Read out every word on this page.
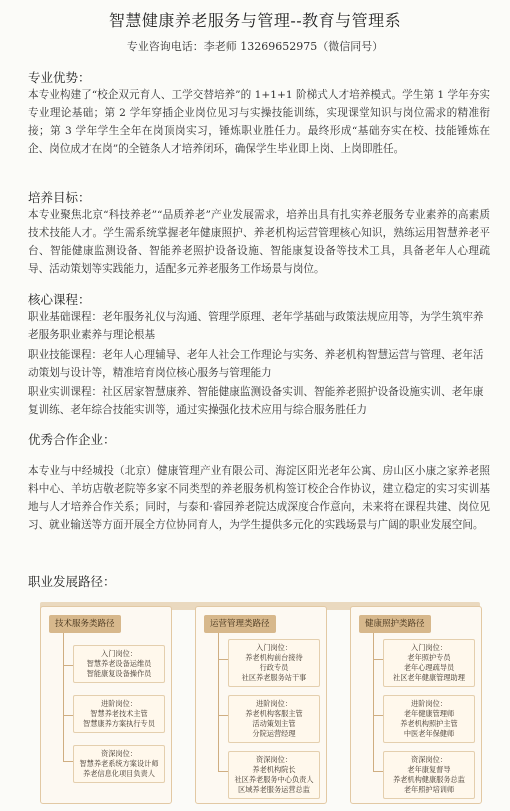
智慧健康养老服务与管理--教育与管理系
专业咨询电话：李老师 13269652975（微信同号）
专业优势：

本专业构建了“校企双元育人、工学交替培养”的 1+1+1 阶梯式人才培养模式。学生第 1 学年夯实专业理论基础；第 2 学年穿插企业岗位见习与实操技能训练，实现课堂知识与岗位需求的精准衔接；第 3 学年学生全年在岗顶岗实习，锤炼职业胜任力。最终形成“基础夯实在校、技能锤炼在企、岗位成才在岗”的全链条人才培养闭环，确保学生毕业即上岗、上岗即胜任。

培养目标：

本专业聚焦北京“科技养老”“品质养老”产业发展需求，培养出具有扎实养老服务专业素养的高素质技术技能人才。学生需系统掌握老年健康照护、养老机构运营管理核心知识，熟练运用智慧养老平台、智能健康监测设备、智能养老照护设备设施、智能康复设备等技术工具，具备老年人心理疏导、活动策划等实践能力，适配多元养老服务工作场景与岗位。

核心课程：

职业基础课程：老年服务礼仪与沟通、管理学原理、老年学基础与政策法规应用等，为学生筑牢养老服务职业素养与理论根基

职业技能课程：老年人心理辅导、老年人社会工作理论与实务、养老机构智慧运营与管理、老年活动策划与设计等，精准培育岗位核心服务与管理能力

职业实训课程：社区居家智慧康养、智能健康监测设备实训、智能养老照护设备设施实训、老年康复训练、老年综合技能实训等，通过实操强化技术应用与综合服务胜任力

优秀合作企业：

本专业与中经城投（北京）健康管理产业有限公司、海淀区阳光老年公寓、房山区小康之家养老照料中心、羊坊店敬老院等多家不同类型的养老服务机构签订校企合作协议，建立稳定的实习实训基地与人才培养合作关系；同时，与泰和·睿园养老院达成深度合作意向，未来将在课程共建、岗位见习、就业输送等方面开展全方位协同育人，为学生提供多元化的实践场景与广阔的职业发展空间。

职业发展路径：
技术服务类路径
入门岗位：
智慧养老设备运维员
智能康复设备操作员
进阶岗位：
智慧养老技术主管
智慧康养方案执行专员
资深岗位：
智慧养老系统方案设计师
养老信息化项目负责人
运营管理类路径
入门岗位：
养老机构前台接待
行政专员
社区养老服务站干事
进阶岗位：
养老机构客服主管
活动策划主管
分院运营经理
资深岗位：
养老机构院长
社区养老服务中心负责人
区域养老服务运营总监
健康照护类路径
入门岗位：
老年照护专员
老年心理疏导员
社区老年健康管理助理
进阶岗位：
老年健康管理师
养老机构照护主管
中医老年保健师
资深岗位：
老年康复督导
养老机构健康服务总监
老年照护培训师
